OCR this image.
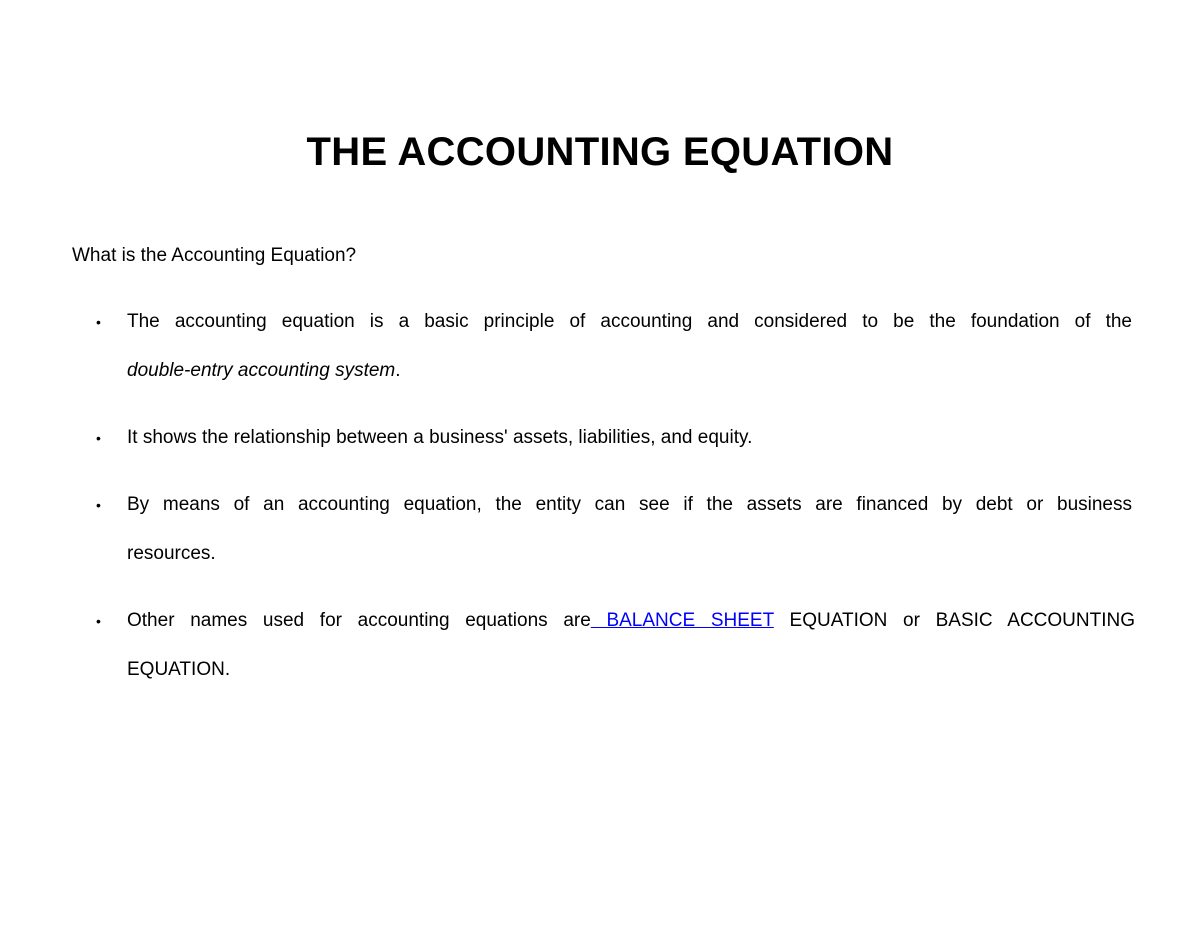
THE ACCOUNTING EQUATION

What is the Accounting Equation?

• The accounting equation is a basic principle of accounting and considered to be the foundation of the
double-entry accounting system.
• It shows the relationship between a business' assets, liabilities, and equity.
• By means of an accounting equation, the entity can see if the assets are financed by debt or business
resources.
• Other names used for accounting equations are BALANCE SHEET EQUATION or BASIC ACCOUNTING
EQUATION.
